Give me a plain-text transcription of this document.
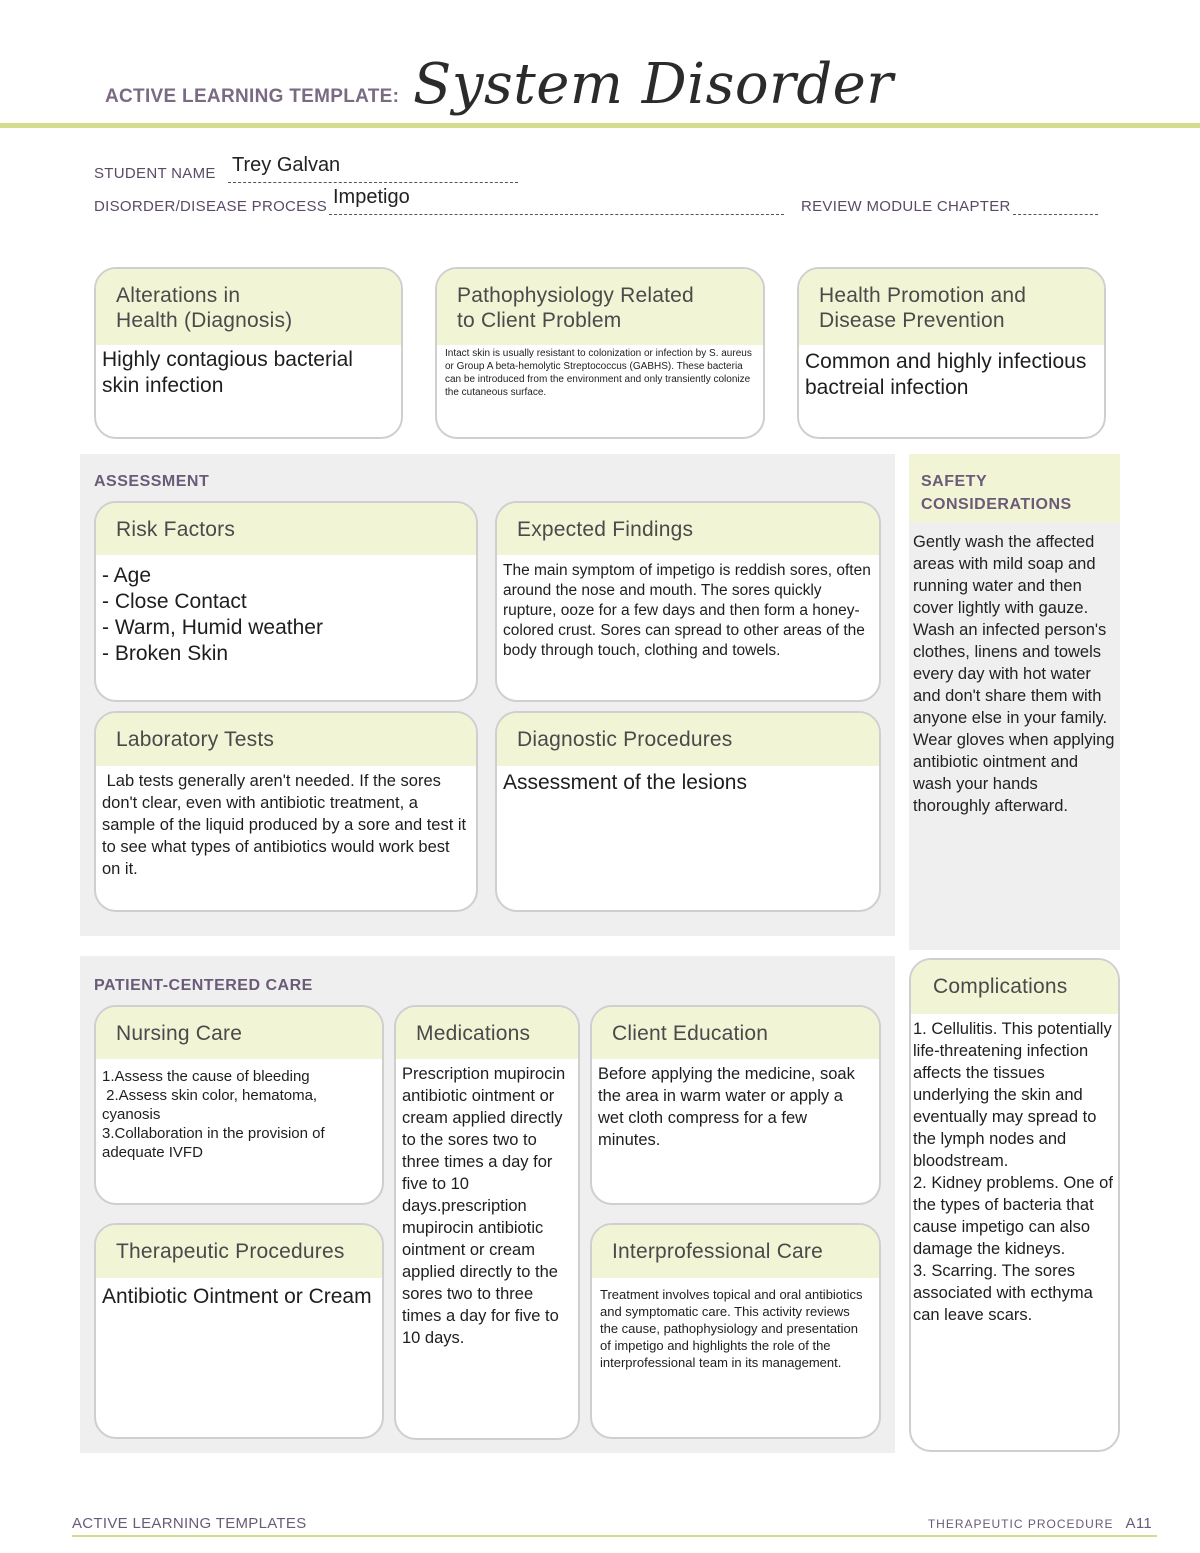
ACTIVE LEARNING TEMPLATE: System Disorder
STUDENT NAME Trey Galvan
DISORDER/DISEASE PROCESS Impetigo	REVIEW MODULE CHAPTER
Alterations in
Health (Diagnosis)
Highly contagious bacterial skin infection
Pathophysiology Related
to Client Problem
Intact skin is usually resistant to colonization or infection by S. aureus or Group A beta-hemolytic Streptococcus (GABHS). These bacteria can be introduced from the environment and only transiently colonize the cutaneous surface.
Health Promotion and
Disease Prevention
Common and highly infectious bactreial infection
ASSESSMENT
Risk Factors
- Age
- Close Contact
- Warm, Humid weather
- Broken Skin
Expected Findings
The main symptom of impetigo is reddish sores, often around the nose and mouth. The sores quickly rupture, ooze for a few days and then form a honey-colored crust. Sores can spread to other areas of the body through touch, clothing and towels.
Laboratory Tests
Lab tests generally aren't needed. If the sores don't clear, even with antibiotic treatment, a sample of the liquid produced by a sore and test it to see what types of antibiotics would work best on it.
Diagnostic Procedures
Assessment of the lesions
SAFETY
CONSIDERATIONS
Gently wash the affected areas with mild soap and running water and then cover lightly with gauze.
Wash an infected person's clothes, linens and towels every day with hot water and don't share them with anyone else in your family.
Wear gloves when applying antibiotic ointment and wash your hands thoroughly afterward.
PATIENT-CENTERED CARE
Nursing Care
1.Assess the cause of bleeding
2.Assess skin color, hematoma, cyanosis
3.Collaboration in the provision of adequate IVFD
Medications
Prescription mupirocin antibiotic ointment or cream applied directly to the sores two to three times a day for five to 10 days.prescription mupirocin antibiotic ointment or cream applied directly to the sores two to three times a day for five to 10 days.
Client Education
Before applying the medicine, soak the area in warm water or apply a wet cloth compress for a few minutes.
Therapeutic Procedures
Antibiotic Ointment or Cream
Interprofessional Care
Treatment involves topical and oral antibiotics and symptomatic care. This activity reviews the cause, pathophysiology and presentation of impetigo and highlights the role of the interprofessional team in its management.
Complications
1. Cellulitis. This potentially life-threatening infection affects the tissues underlying the skin and eventually may spread to the lymph nodes and bloodstream.
2. Kidney problems. One of the types of bacteria that cause impetigo can also damage the kidneys.
3. Scarring. The sores associated with ecthyma can leave scars.
ACTIVE LEARNING TEMPLATES	THERAPEUTIC PROCEDURE A11
